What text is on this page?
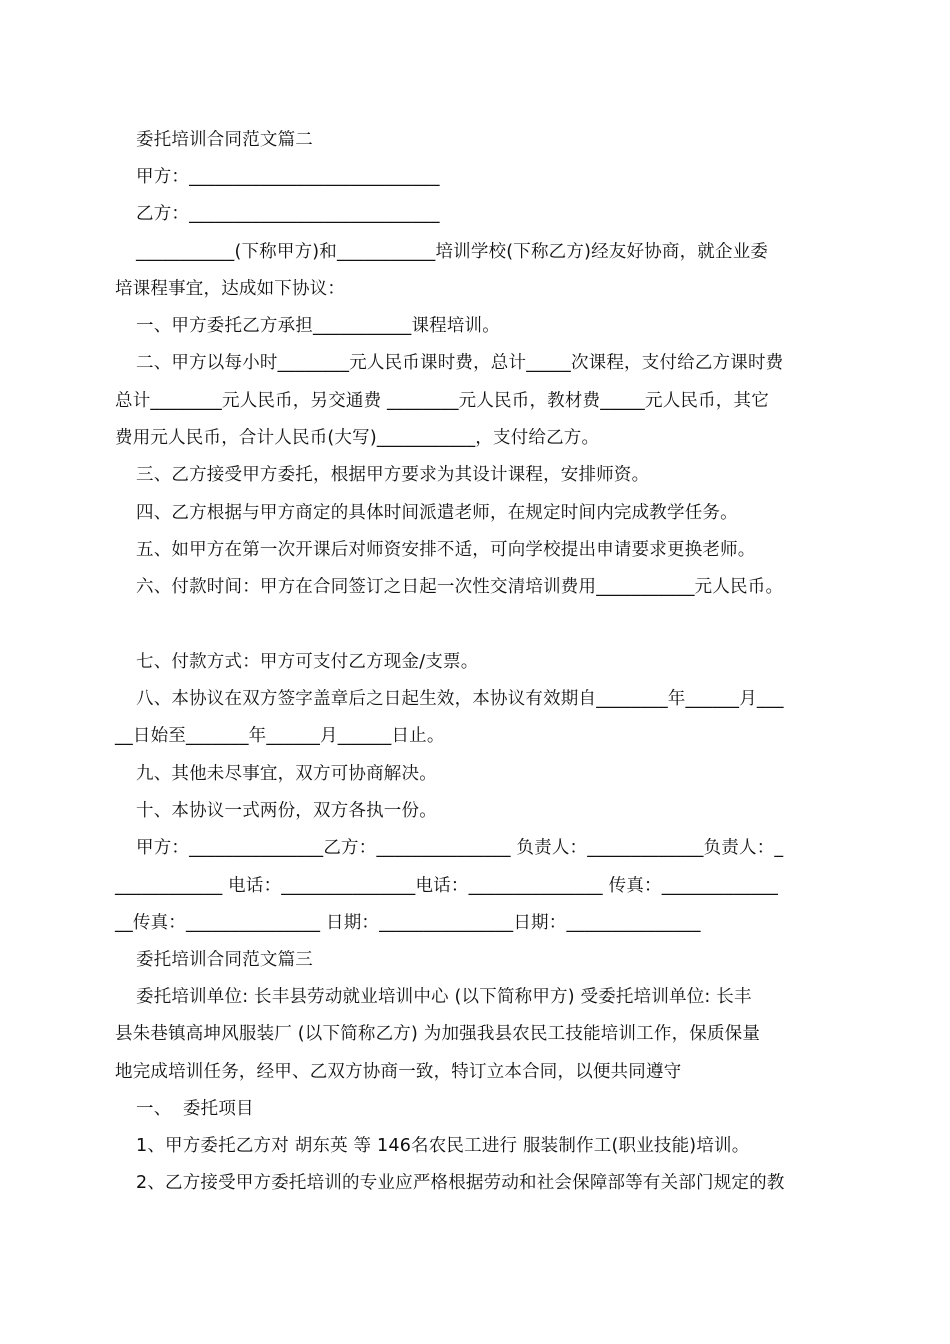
委托培训合同范文篇二
甲方：____________________________
乙方：____________________________
___________(下称甲方)和___________培训学校(下称乙方)经友好协商，就企业委
培课程事宜，达成如下协议：
一、甲方委托乙方承担___________课程培训。
二、甲方以每小时________元人民币课时费，总计_____次课程，支付给乙方课时费
总计________元人民币，另交通费 ________元人民币，教材费_____元人民币，其它
费用元人民币，合计人民币(大写)___________，支付给乙方。
三、乙方接受甲方委托，根据甲方要求为其设计课程，安排师资。
四、乙方根据与甲方商定的具体时间派遣老师，在规定时间内完成教学任务。
五、如甲方在第一次开课后对师资安排不适，可向学校提出申请要求更换老师。
六、付款时间：甲方在合同签订之日起一次性交清培训费用___________元人民币。
七、付款方式：甲方可支付乙方现金/支票。
八、本协议在双方签字盖章后之日起生效，本协议有效期自________年______月___
__日始至_______年______月______日止。
九、其他未尽事宜，双方可协商解决。
十、本协议一式两份，双方各执一份。
甲方：_______________乙方：_______________ 负责人：_____________负责人：_
____________ 电话：_______________电话：_______________ 传真：_____________
__传真：_______________ 日期：_______________日期：_______________
委托培训合同范文篇三
委托培训单位: 长丰县劳动就业培训中心 (以下简称甲方) 受委托培训单位: 长丰
县朱巷镇高坤风服装厂 (以下简称乙方) 为加强我县农民工技能培训工作，保质保量
地完成培训任务，经甲、乙双方协商一致，特订立本合同，以便共同遵守
一、  委托项目
1、甲方委托乙方对 胡东英 等 146名农民工进行 服装制作工(职业技能)培训。
2、乙方接受甲方委托培训的专业应严格根据劳动和社会保障部等有关部门规定的教
